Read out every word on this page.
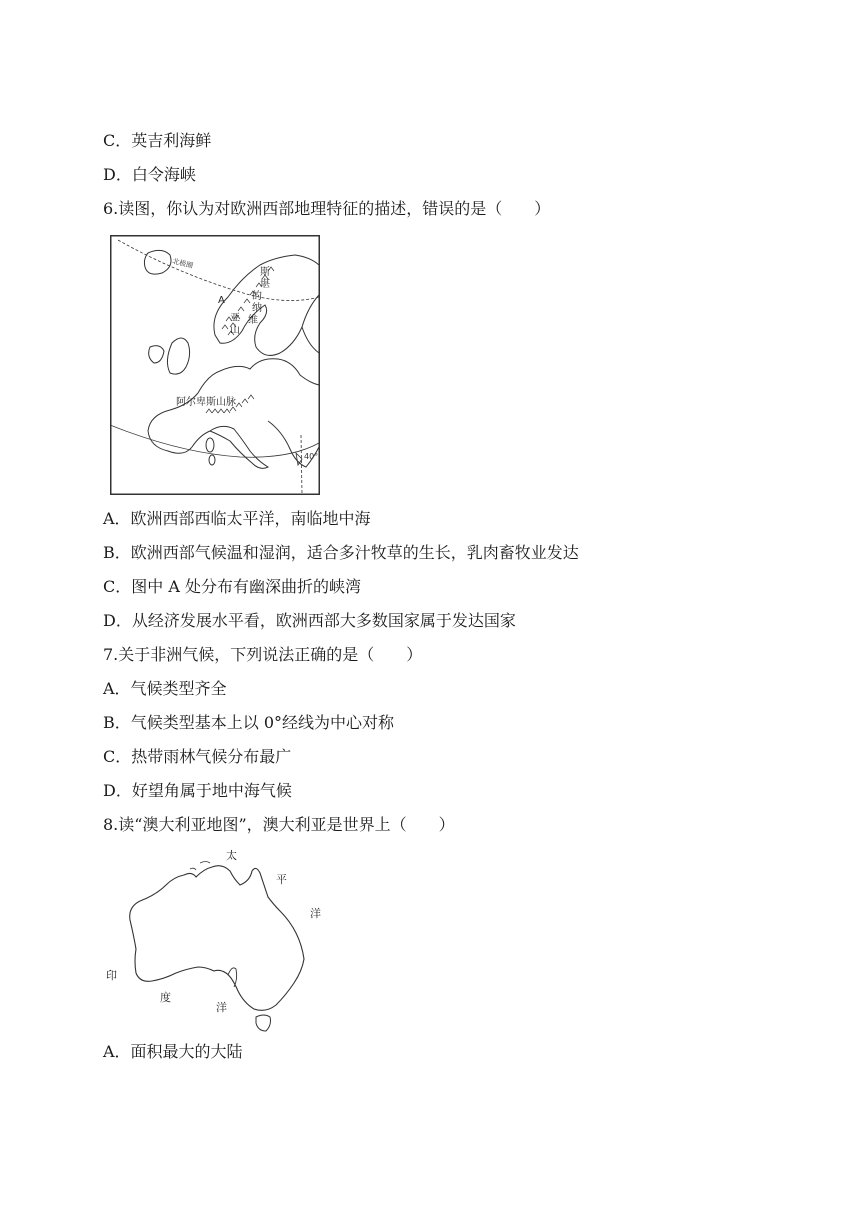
C．英吉利海鲜
D．白令海峡
6.读图，你认为对欧洲西部地理特征的描述，错误的是（　　）
北极圈
40°
斯
堪
的
纳
维
亚
山
A
阿尔卑斯山脉
A．欧洲西部西临太平洋，南临地中海
B．欧洲西部气候温和湿润，适合多汁牧草的生长，乳肉畜牧业发达
C．图中 A 处分布有幽深曲折的峡湾
D．从经济发展水平看，欧洲西部大多数国家属于发达国家
7.关于非洲气候，下列说法正确的是（　　）
A．气候类型齐全
B．气候类型基本上以 0°经线为中心对称
C．热带雨林气候分布最广
D．好望角属于地中海气候
8.读“澳大利亚地图”，澳大利亚是世界上（　　）
太
平
洋
印
度
洋
A．面积最大的大陆
